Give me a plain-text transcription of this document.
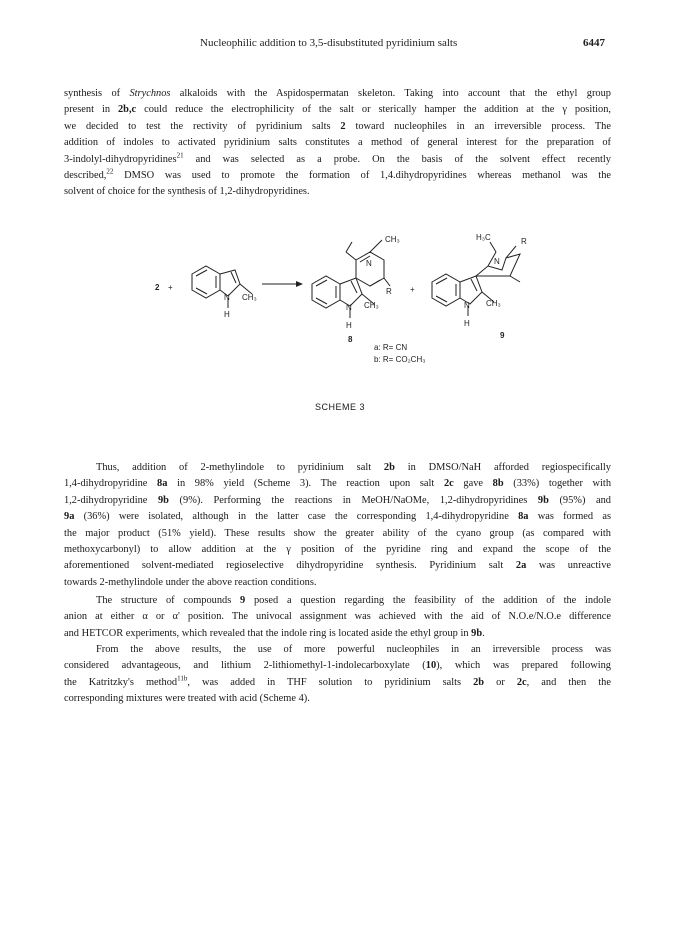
Nucleophilic addition to 3,5-disubstituted pyridinium salts	6447

synthesis of Strychnos alkaloids with the Aspidospermatan skeleton. Taking into account that the ethyl group
present in 2b,c could reduce the electrophilicity of the salt or sterically hamper the addition at the γ position,
we decided to test the rectivity of pyridinium salts 2 toward nucleophiles in an irreversible process. The
addition of indoles to activated pyridinium salts constitutes a method of general interest for the preparation of
3-indolyl-dihydropyridines$^{21}$ and was selected as a probe. On the basis of the solvent effect recently
described,$^{22}$ DMSO was used to promote the formation of 1,4.dihydropyridines whereas methanol was the
solvent of choice for the synthesis of 1,2-dihydropyridines.

2 +
N
H
CH₃
N
H
CH₃
N
CH₃
R +
N
H
CH₃
N
H₃C	R
8	9
a: R= CN
b: R= CO₂CH₃
SCHEME 3

Thus, addition of 2-methylindole to pyridinium salt 2b in DMSO/NaH afforded regiospecifically
1,4-dihydropyridine 8a in 98% yield (Scheme 3). The reaction upon salt 2c gave 8b (33%) together with
1,2-dihydropyridine 9b (9%). Performing the reactions in MeOH/NaOMe, 1,2-dihydropyridines 9b (95%) and
9a (36%) were isolated, although in the latter case the corresponding 1,4-dihydropyridine 8a was formed as
the major product (51% yield). These results show the greater ability of the cyano group (as compared with
methoxycarbonyl) to allow addition at the γ position of the pyridine ring and expand the scope of the
aforementioned solvent-mediated regioselective dihydropyridine synthesis. Pyridinium salt 2a was unreactive
towards 2-methylindole under the above reaction conditions.

The structure of compounds 9 posed a question regarding the feasibility of the addition of the indole
anion at either α or α' position. The univocal assignment was achieved with the aid of N.O.e/N.O.e difference
and HETCOR experiments, which revealed that the indole ring is located aside the ethyl group in 9b.

From the above results, the use of more powerful nucleophiles in an irreversible process was
considered advantageous, and lithium 2-lithiomethyl-1-indolecarboxylate (10), which was prepared following
the Katritzky's method$^{11b}$, was added in THF solution to pyridinium salts 2b or 2c, and then the
corresponding mixtures were treated with acid (Scheme 4).
